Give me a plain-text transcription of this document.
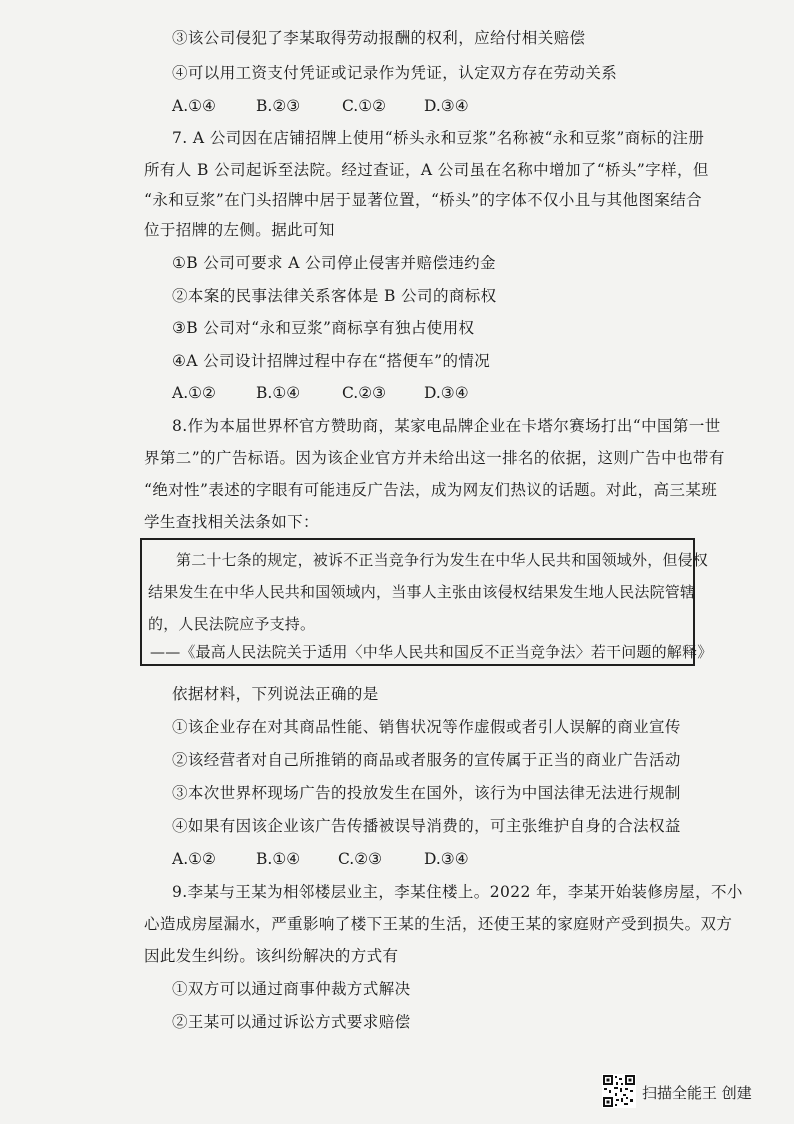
③该公司侵犯了李某取得劳动报酬的权利，应给付相关赔偿
④可以用工资支付凭证或记录作为凭证，认定双方存在劳动关系
A.①④	B.②③	C.①② D.③④
7. A 公司因在店铺招牌上使用“桥头永和豆浆”名称被“永和豆浆”商标的注册
所有人 B 公司起诉至法院。经过查证，A 公司虽在名称中增加了“桥头”字样，但
“永和豆浆”在门头招牌中居于显著位置，“桥头”的字体不仅小且与其他图案结合
位于招牌的左侧。据此可知
①B 公司可要求 A 公司停止侵害并赔偿违约金
②本案的民事法律关系客体是 B 公司的商标权
③B 公司对“永和豆浆”商标享有独占使用权
④A 公司设计招牌过程中存在“搭便车”的情况
A.①②	B.①④	C.②③ D.③④
8.作为本届世界杯官方赞助商，某家电品牌企业在卡塔尔赛场打出“中国第一世
界第二”的广告标语。因为该企业官方并未给出这一排名的依据，这则广告中也带有
“绝对性”表述的字眼有可能违反广告法，成为网友们热议的话题。对此，高三某班
学生查找相关法条如下：
第二十七条的规定，被诉不正当竞争行为发生在中华人民共和国领域外，但侵权
结果发生在中华人民共和国领域内，当事人主张由该侵权结果发生地人民法院管辖
的，人民法院应予支持。
——《最高人民法院关于适用〈中华人民共和国反不正当竞争法〉若干问题的解释》
依据材料，下列说法正确的是
①该企业存在对其商品性能、销售状况等作虚假或者引人误解的商业宣传
②该经营者对自己所推销的商品或者服务的宣传属于正当的商业广告活动
③本次世界杯现场广告的投放发生在国外，该行为中国法律无法进行规制
④如果有因该企业该广告传播被误导消费的，可主张维护自身的合法权益
A.①②	B.①④ C.②③	D.③④
9.李某与王某为相邻楼层业主，李某住楼上。2022 年，李某开始装修房屋，不小
心造成房屋漏水，严重影响了楼下王某的生活，还使王某的家庭财产受到损失。双方
因此发生纠纷。该纠纷解决的方式有
①双方可以通过商事仲裁方式解决
②王某可以通过诉讼方式要求赔偿
扫描全能王 创建
